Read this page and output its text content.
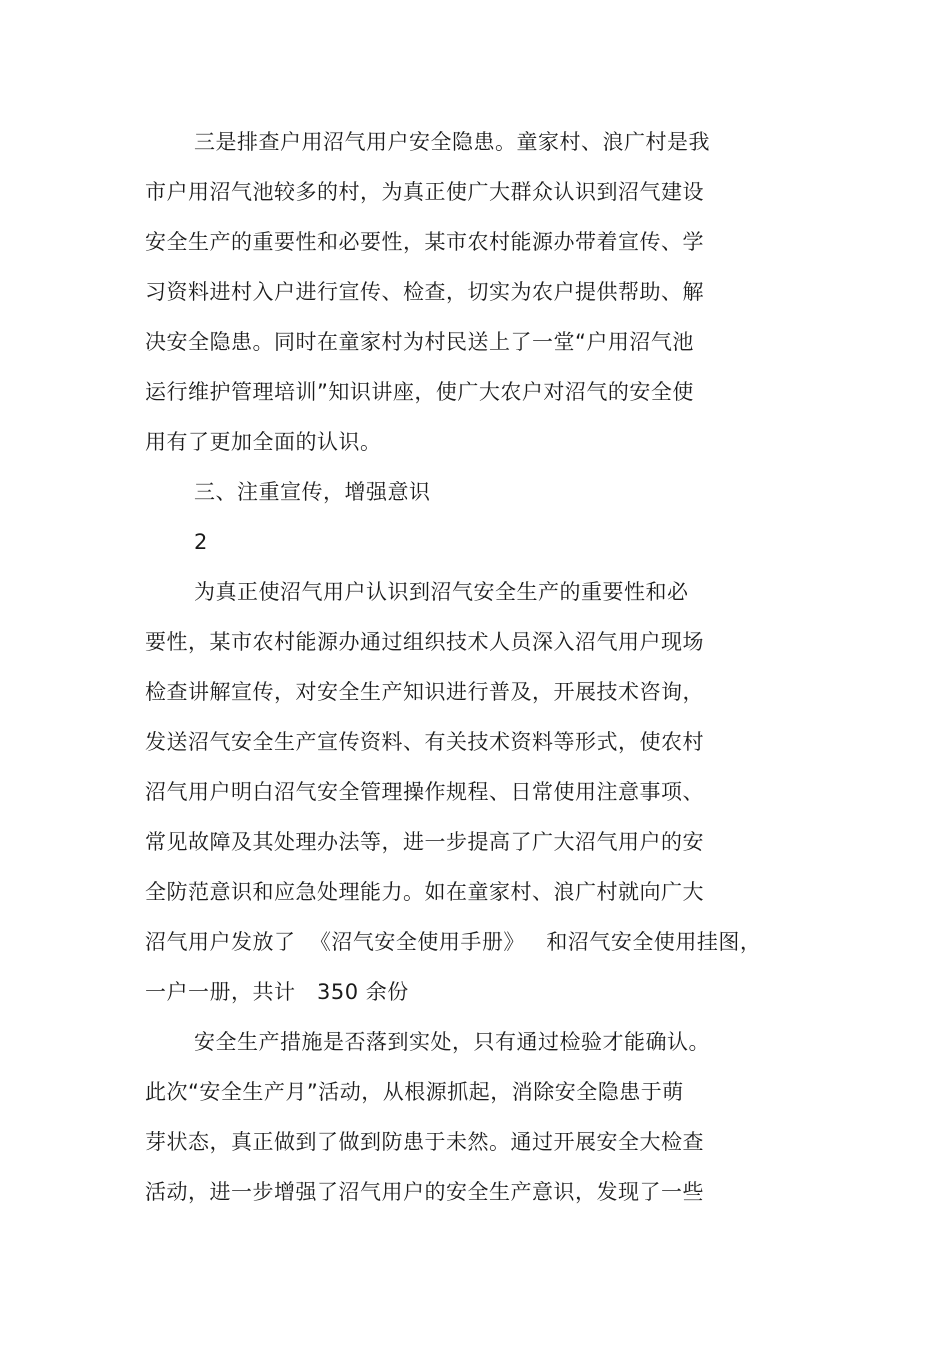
三是排查户用沼气用户安全隐患。童家村、浪广村是我
市户用沼气池较多的村，为真正使广大群众认识到沼气建设
安全生产的重要性和必要性，某市农村能源办带着宣传、学
习资料进村入户进行宣传、检查，切实为农户提供帮助、解
决安全隐患。同时在童家村为村民送上了一堂“户用沼气池
运行维护管理培训”知识讲座，使广大农户对沼气的安全使
用有了更加全面的认识。
三、注重宣传，增强意识
2
为真正使沼气用户认识到沼气安全生产的重要性和必
要性，某市农村能源办通过组织技术人员深入沼气用户现场
检查讲解宣传，对安全生产知识进行普及，开展技术咨询，
发送沼气安全生产宣传资料、有关技术资料等形式，使农村
沼气用户明白沼气安全管理操作规程、日常使用注意事项、
常见故障及其处理办法等，进一步提高了广大沼气用户的安
全防范意识和应急处理能力。如在童家村、浪广村就向广大
沼气用户发放了  《沼气安全使用手册》   和沼气安全使用挂图，
一户一册，共计   350 余份
安全生产措施是否落到实处，只有通过检验才能确认。
此次“安全生产月”活动，从根源抓起，消除安全隐患于萌
芽状态，真正做到了做到防患于未然。通过开展安全大检查
活动，进一步增强了沼气用户的安全生产意识，发现了一些
